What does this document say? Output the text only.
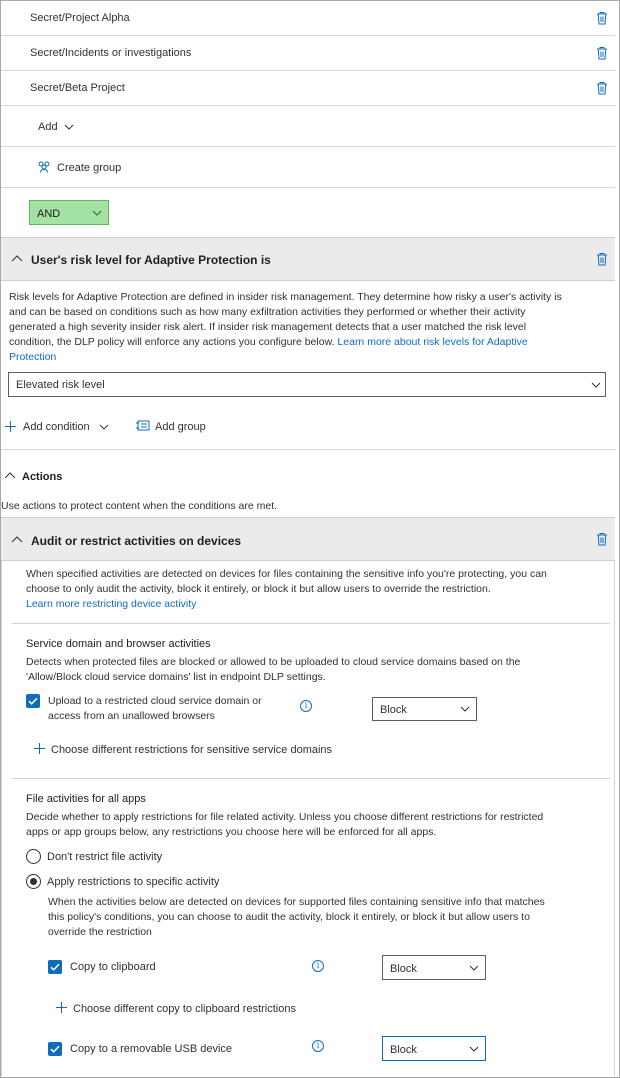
Secret/Project Alpha
Secret/Incidents or investigations
Secret/Beta Project
Add
Create group
AND
User's risk level for Adaptive Protection is
Risk levels for Adaptive Protection are defined in insider risk management. They determine how risky a user's activity is
and can be based on conditions such as how many exfiltration activities they performed or whether their activity
generated a high severity insider risk alert. If insider risk management detects that a user matched the risk level
condition, the DLP policy will enforce any actions you configure below. Learn more about risk levels for Adaptive
Protection
Elevated risk level
Add condition	Add group
Actions
Use actions to protect content when the conditions are met.
Audit or restrict activities on devices
When specified activities are detected on devices for files containing the sensitive info you're protecting, you can
choose to only audit the activity, block it entirely, or block it but allow users to override the restriction.
Learn more restricting device activity
Service domain and browser activities
Detects when protected files are blocked or allowed to be uploaded to cloud service domains based on the
'Allow/Block cloud service domains' list in endpoint DLP settings.
Upload to a restricted cloud service domain or
access from an unallowed browsers
i	Block
Choose different restrictions for sensitive service domains
File activities for all apps
Decide whether to apply restrictions for file related activity. Unless you choose different restrictions for restricted
apps or app groups below, any restrictions you choose here will be enforced for all apps.
Don't restrict file activity
Apply restrictions to specific activity
When the activities below are detected on devices for supported files containing sensitive info that matches
this policy's conditions, you can choose to audit the activity, block it entirely, or block it but allow users to
override the restriction
Copy to clipboard	i	Block
Choose different copy to clipboard restrictions
Copy to a removable USB device	i	Block
